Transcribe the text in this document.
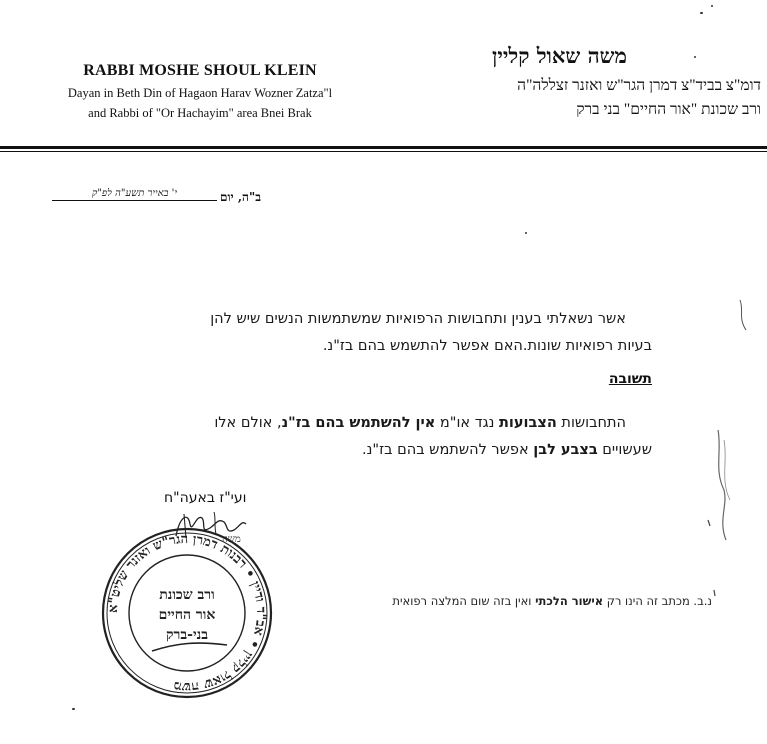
RABBI MOSHE SHOUL KLEIN
Dayan in Beth Din of Hagaon Harav Wozner Zatza"l
and Rabbi of "Or Hachayim" area Bnei Brak
משה שאול קליין
דומ"צ בביד"צ דמרן הגר"ש ואזנר זצללה"ה
ורב שכונת "אור החיים" בני ברק
ב"ה, יום
י' באייר תשע"ה לפ"ק
אשר נשאלתי בענין ותחבושות הרפואיות שמשתמשות הנשים שיש להן
בעיות רפואיות שונות.האם אפשר להתשמש בהם בז"נ.
תשובה
התחבושות הצבועות נגד או"מ אין להשתמש בהם בז"נ, אולם אלו
שעשויים בצבע לבן אפשר להשתמש בהם בז"נ.
ועי"ז באעה"ח
משה
משה שאול קליין • אב"ד ודיין • רבנות דמרן הגר"ש ואזנר שליט"א
ורב שכונת
אור החיים
בני-ברק
נ.ב. מכתב זה הינו רק אישור הלכתי ואין בזה שום המלצה רפואית
